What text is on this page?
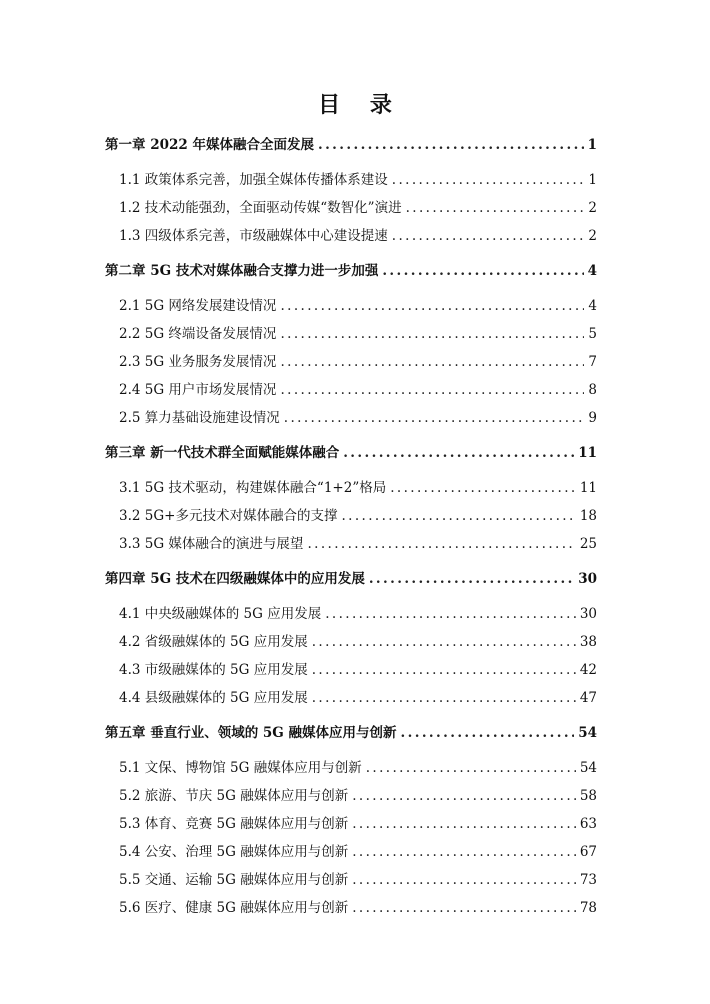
目 录
第一章 2022 年媒体融合全面发展 .....	1
1.1 政策体系完善，加强全媒体传播体系建设 .....	1
1.2 技术动能强劲，全面驱动传媒“数智化”演进 .....	2
1.3 四级体系完善，市级融媒体中心建设提速 .....	2
第二章 5G 技术对媒体融合支撑力进一步加强 .....	4
2.1 5G 网络发展建设情况 .....	4
2.2 5G 终端设备发展情况 .....	5
2.3 5G 业务服务发展情况 .....	7
2.4 5G 用户市场发展情况 .....	8
2.5 算力基础设施建设情况 .....	9
第三章 新一代技术群全面赋能媒体融合 .....	11
3.1 5G 技术驱动，构建媒体融合“1+2”格局 .....	11
3.2 5G+多元技术对媒体融合的支撑 .....	18
3.3 5G 媒体融合的演进与展望 .....	25
第四章 5G 技术在四级融媒体中的应用发展 .....	30
4.1 中央级融媒体的 5G 应用发展 .....	30
4.2 省级融媒体的 5G 应用发展 .....	38
4.3 市级融媒体的 5G 应用发展 .....	42
4.4 县级融媒体的 5G 应用发展 .....	47
第五章 垂直行业、领域的 5G 融媒体应用与创新 .....	54
5.1 文保、博物馆 5G 融媒体应用与创新 .....	54
5.2 旅游、节庆 5G 融媒体应用与创新 .....	58
5.3 体育、竞赛 5G 融媒体应用与创新 .....	63
5.4 公安、治理 5G 融媒体应用与创新 .....	67
5.5 交通、运输 5G 融媒体应用与创新 .....	73
5.6 医疗、健康 5G 融媒体应用与创新 .....	78
